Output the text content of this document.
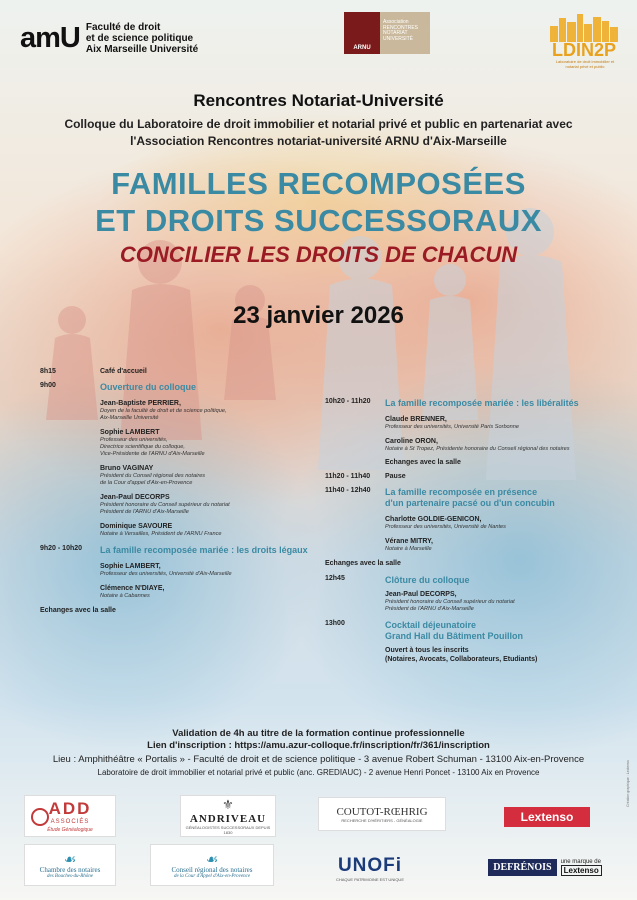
amU Faculté de droit
et de science politique
Aix Marseille Université	ARNU
Association
RENCONTRES
NOTARIAT
UNIVERSITÉ
LDIN2P
Laboratoire de droit immobilier et notarial privé et public
Rencontres Notariat-Université
Colloque du Laboratoire de droit immobilier et notarial privé et public en partenariat avec
l'Association Rencontres notariat-université ARNU d'Aix-Marseille
FAMILLES RECOMPOSÉES
ET DROITS SUCCESSORAUX
CONCILIER LES DROITS DE CHACUN
23 janvier 2026
8h15	Café d'accueil
9h00	Ouverture du colloque
Jean-Baptiste PERRIER,
Doyen de la faculté de droit et de science politique,
Aix-Marseille Université
Sophie LAMBERT
Professeur des universités,
Directrice scientifique du colloque,
Vice-Présidente de l'ARNU d'Aix-Marseille
Bruno VAGINAY
Président du Conseil régional des notaires
de la Cour d'appel d'Aix-en-Provence
Jean-Paul DECORPS
Président honoraire du Conseil supérieur du notariat
Président de l'ARNU d'Aix-Marseille
Dominique SAVOURE
Notaire à Versailles, Président de l'ARNU France
9h20 - 10h20	La famille recomposée mariée : les droits légaux
Sophie LAMBERT,
Professeur des universités, Université d'Aix-Marseille
Clémence N'DIAYE,
Notaire à Cabannes
Echanges avec la salle
10h20 - 11h20	La famille recomposée mariée : les libéralités
Claude BRENNER,
Professeur des universités, Université Paris Sorbonne
Caroline ORON,
Notaire à St Tropez, Présidente honoraire du Conseil régional des notaires
Echanges avec la salle
11h20 - 11h40	Pause
11h40 - 12h40	La famille recomposée en présence
d'un partenaire pacsé ou d'un concubin
Charlotte GOLDIE-GENICON,
Professeur des universités, Université de Nantes
Vérane MITRY,
Notaire à Marseille
Echanges avec la salle
12h45	Clôture du colloque
Jean-Paul DECORPS,
Président honoraire du Conseil supérieur du notariat
Président de l'ARNU d'Aix-Marseille
13h00	Cocktail déjeunatoire
Grand Hall du Bâtiment Pouillon
Ouvert à tous les inscrits
(Notaires, Avocats, Collaborateurs, Etudiants)
Validation de 4h au titre de la formation continue professionnelle
Lien d'inscription : https://amu.azur-colloque.fr/inscription/fr/361/inscription
Lieu : Amphithéâtre « Portalis » - Faculté de droit et de science politique - 3 avenue Robert Schuman - 13100 Aix-en-Provence
Laboratoire de droit immobilier et notarial privé et public (anc. GREDIAUC) - 2 avenue Henri Poncet - 13100 Aix en Provence
ADD
ASSOCIÉS
Étude Généalogique
⚜
ANDRIVEAU
GÉNÉALOGISTES SUCCESSORAUX DEPUIS 1830
COUTOT-RŒHRIG
RECHERCHE D'HÉRITIERS - GÉNÉALOGIE	Lextenso
☙
Chambre des notaires
des Bouches-du-Rhône
☙
Conseil régional des notaires
de la Cour d'Appel d'Aix-en-Provence
UNOFi
CHAQUE PATRIMOINE EST UNIQUE
DEFRÉNOIS	une marque de
Lextenso
Création graphique : Lextenso
